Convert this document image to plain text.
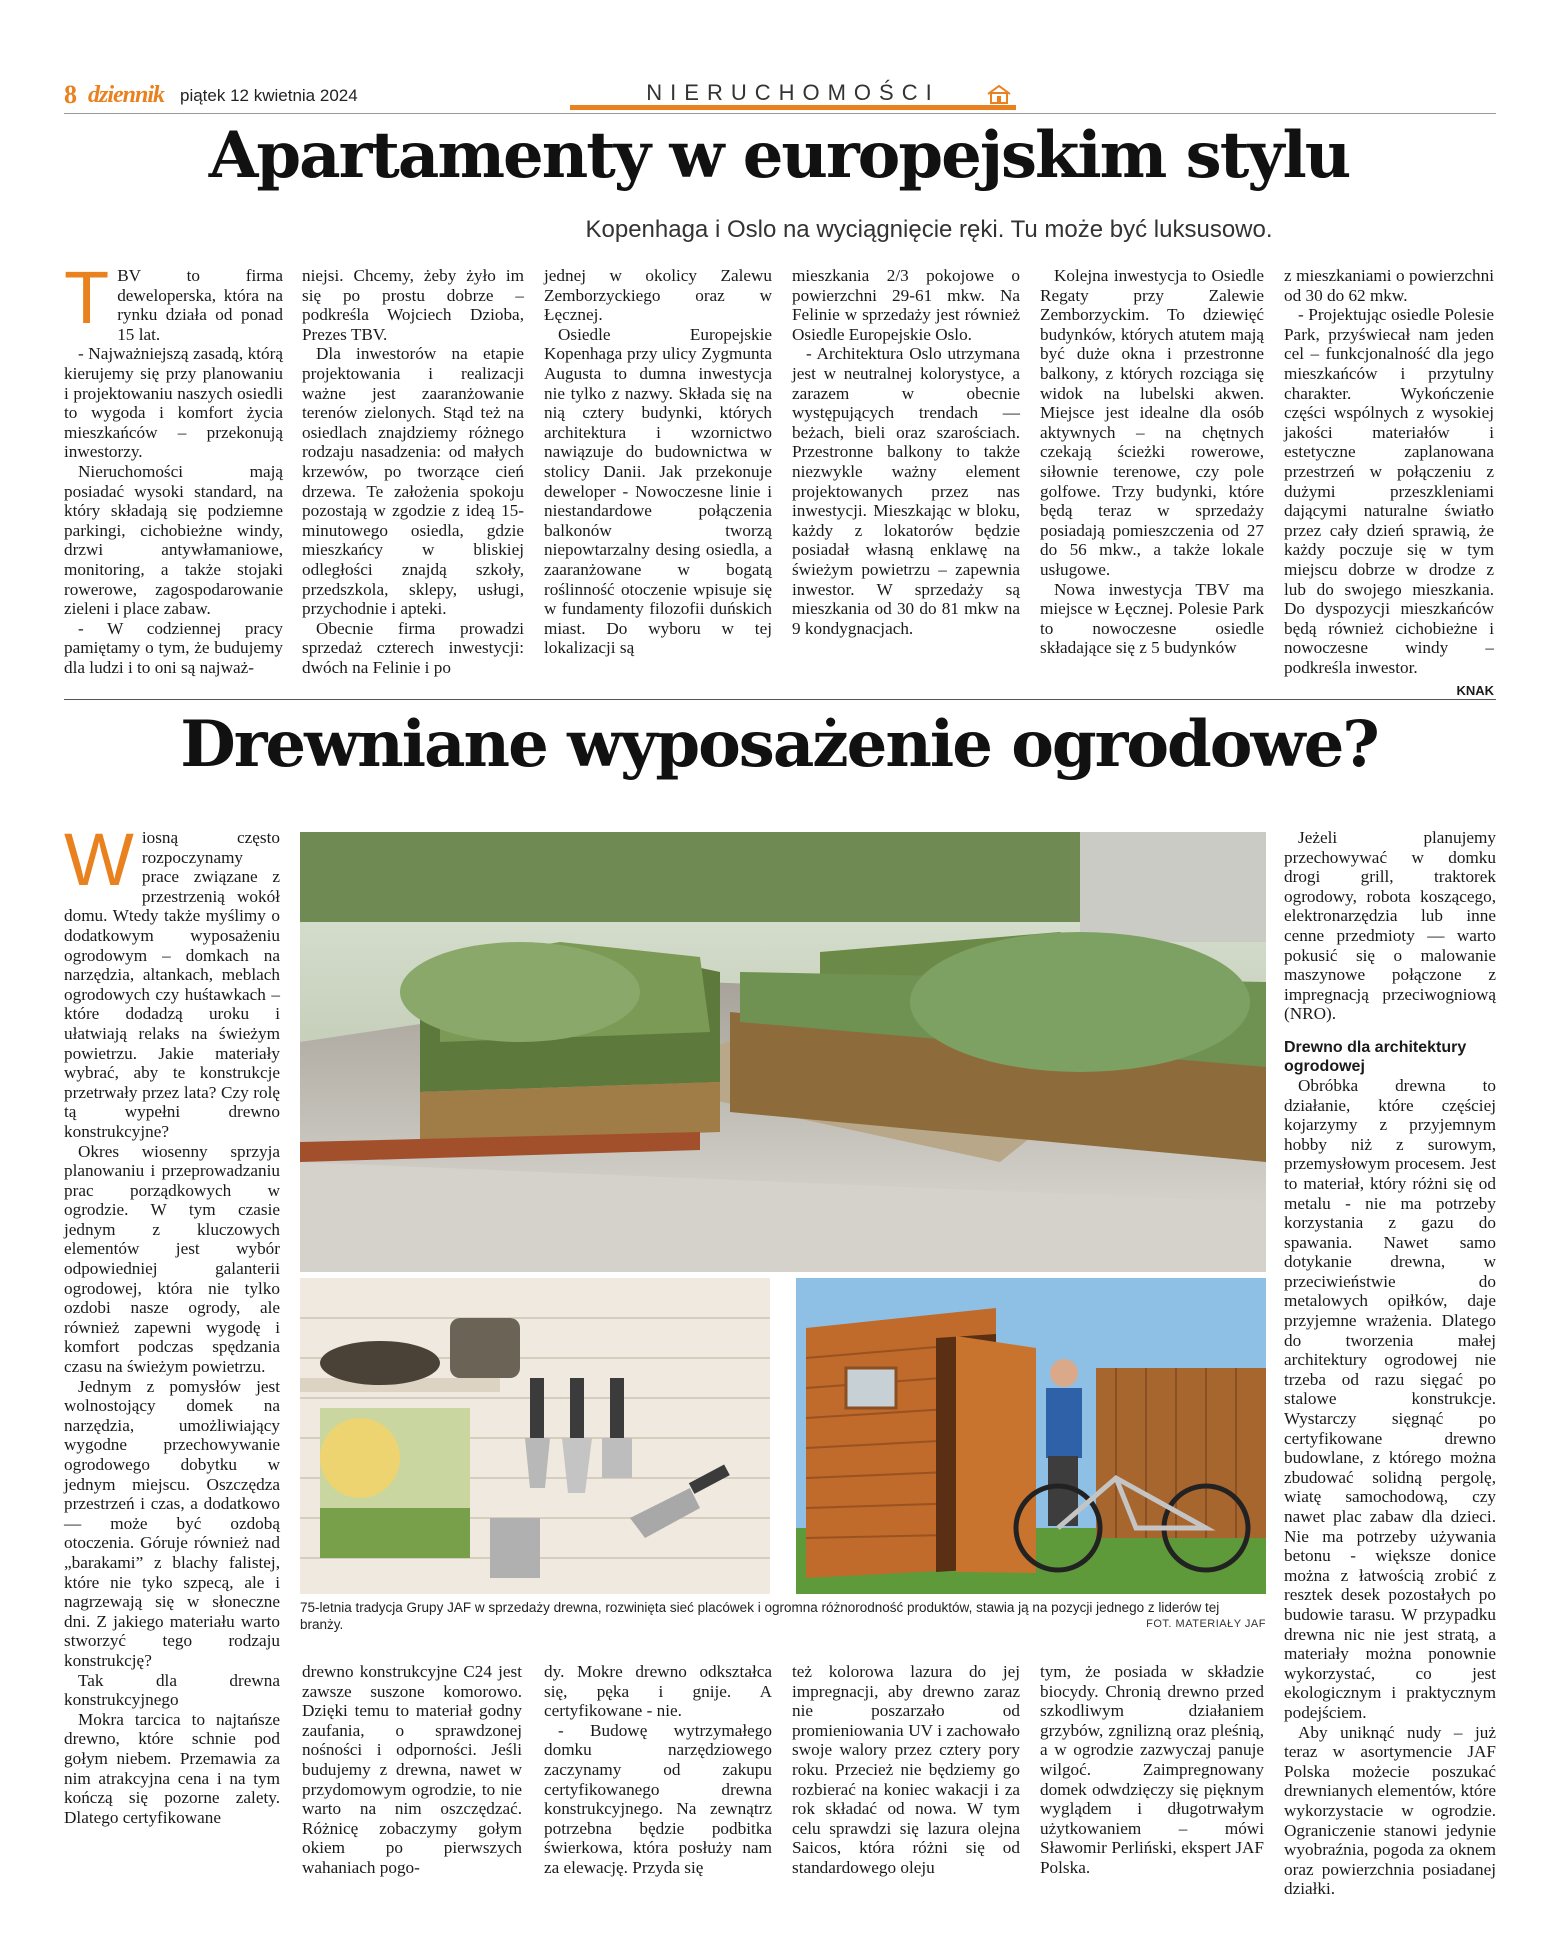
8 dziennik piątek 12 kwietnia 2024	NIERUCHOMOŚCI
Apartamenty w europejskim stylu
Kopenhaga i Oslo na wyciągnięcie ręki. Tu może być luksusowo.

TBV to firma deweloperska, która na rynku działa od ponad 15 lat.

- Najważniejszą zasadą, którą kierujemy się przy planowaniu i projektowaniu naszych osiedli to wygoda i komfort życia mieszkańców – przekonują inwestorzy.

Nieruchomości mają posiadać wysoki standard, na który składają się podziemne parkingi, cichobieżne windy, drzwi antywłamaniowe, monitoring, a także stojaki rowerowe, zagospodarowanie zieleni i place zabaw.

- W codziennej pracy pamiętamy o tym, że budujemy dla ludzi i to oni są najważ-

niejsi. Chcemy, żeby żyło im się po prostu dobrze – podkreśla Wojciech Dzioba, Prezes TBV.

Dla inwestorów na etapie projektowania i realizacji ważne jest zaaranżowanie terenów zielonych. Stąd też na osiedlach znajdziemy różnego rodzaju nasadzenia: od małych krzewów, po tworzące cień drzewa. Te założenia spokoju pozostają w zgodzie z ideą 15-minutowego osiedla, gdzie mieszkańcy w bliskiej odległości znajdą szkoły, przedszkola, sklepy, usługi, przychodnie i apteki.

Obecnie firma prowadzi sprzedaż czterech inwestycji: dwóch na Felinie i po

jednej w okolicy Zalewu Zemborzyckiego oraz w Łęcznej.

Osiedle Europejskie Kopenhaga przy ulicy Zygmunta Augusta to dumna inwestycja nie tylko z nazwy. Składa się na nią cztery budynki, których architektura i wzornictwo nawiązuje do budownictwa w stolicy Danii. Jak przekonuje deweloper - Nowoczesne linie i niestandardowe połączenia balkonów tworzą niepowtarzalny desing osiedla, a zaaranżowane w bogatą roślinność otoczenie wpisuje się w fundamenty filozofii duńskich miast. Do wyboru w tej lokalizacji są

mieszkania 2/3 pokojowe o powierzchni 29-61 mkw. Na Felinie w sprzedaży jest również Osiedle Europejskie Oslo.

- Architektura Oslo utrzymana jest w neutralnej kolorystyce, a zarazem w obecnie występujących trendach — beżach, bieli oraz szarościach. Przestronne balkony to także niezwykle ważny element projektowanych przez nas inwestycji. Mieszkając w bloku, każdy z lokatorów będzie posiadał własną enklawę na świeżym powietrzu – zapewnia inwestor. W sprzedaży są mieszkania od 30 do 81 mkw na 9 kondygnacjach.

Kolejna inwestycja to Osiedle Regaty przy Zalewie Zemborzyckim. To dziewięć budynków, których atutem mają być duże okna i przestronne balkony, z których rozciąga się widok na lubelski akwen. Miejsce jest idealne dla osób aktywnych – na chętnych czekają ścieżki rowerowe, siłownie terenowe, czy pole golfowe. Trzy budynki, które będą teraz w sprzedaży posiadają pomieszczenia od 27 do 56 mkw., a także lokale usługowe.

Nowa inwestycja TBV ma miejsce w Łęcznej. Polesie Park to nowoczesne osiedle składające się z 5 budynków

z mieszkaniami o powierzchni od 30 do 62 mkw.

- Projektując osiedle Polesie Park, przyświecał nam jeden cel – funkcjonalność dla jego mieszkańców i przytulny charakter. Wykończenie części wspólnych z wysokiej jakości materiałów i estetyczne zaplanowana przestrzeń w połączeniu z dużymi przeszkleniami dającymi naturalne światło przez cały dzień sprawią, że każdy poczuje się w tym miejscu dobrze w drodze z lub do swojego mieszkania. Do dyspozycji mieszkańców będą również cichobieżne i nowoczesne windy – podkreśla inwestor.

KNAK

Drewniane wyposażenie ogrodowe?

Wiosną często rozpoczynamy prace związane z przestrzenią wokół domu. Wtedy także myślimy o dodatkowym wyposażeniu ogrodowym – domkach na narzędzia, altankach, meblach ogrodowych czy huśtawkach – które dodadzą uroku i ułatwiają relaks na świeżym powietrzu. Jakie materiały wybrać, aby te konstrukcje przetrwały przez lata? Czy rolę tą wypełni drewno konstrukcyjne?

Okres wiosenny sprzyja planowaniu i przeprowadzaniu prac porządkowych w ogrodzie. W tym czasie jednym z kluczowych elementów jest wybór odpowiedniej galanterii ogrodowej, która nie tylko ozdobi nasze ogrody, ale również zapewni wygodę i komfort podczas spędzania czasu na świeżym powietrzu.

Jednym z pomysłów jest wolnostojący domek na narzędzia, umożliwiający wygodne przechowywanie ogrodowego dobytku w jednym miejscu. Oszczędza przestrzeń i czas, a dodatkowo — może być ozdobą otoczenia. Góruje również nad „barakami” z blachy falistej, które nie tyko szpecą, ale i nagrzewają się w słoneczne dni. Z jakiego materiału warto stworzyć tego rodzaju konstrukcję?

Tak dla drewna konstrukcyjnego

Mokra tarcica to najtańsze drewno, które schnie pod gołym niebem. Przemawia za nim atrakcyjna cena i na tym kończą się pozorne zalety. Dlatego certyfikowane

75-letnia tradycja Grupy JAF w sprzedaży drewna, rozwinięta sieć placówek i ogromna różnorodność produktów, stawia ją na pozycji jednego z liderów tej branży.	FOT. MATERIAŁY JAF

drewno konstrukcyjne C24 jest zawsze suszone komorowo. Dzięki temu to materiał godny zaufania, o sprawdzonej nośności i odporności. Jeśli budujemy z drewna, nawet w przydomowym ogrodzie, to nie warto na nim oszczędzać. Różnicę zobaczymy gołym okiem po pierwszych wahaniach pogo-

dy. Mokre drewno odkształca się, pęka i gnije. A certyfikowane - nie.

- Budowę wytrzymałego domku narzędziowego zaczynamy od zakupu certyfikowanego drewna konstrukcyjnego. Na zewnątrz potrzebna będzie podbitka świerkowa, która posłuży nam za elewację. Przyda się

też kolorowa lazura do jej impregnacji, aby drewno zaraz nie poszarzało od promieniowania UV i zachowało swoje walory przez cztery pory roku. Przecież nie będziemy go rozbierać na koniec wakacji i za rok składać od nowa. W tym celu sprawdzi się lazura olejna Saicos, która różni się od standardowego oleju

tym, że posiada w składzie biocydy. Chronią drewno przed szkodliwym działaniem grzybów, zgnilizną oraz pleśnią, a w ogrodzie zazwyczaj panuje wilgoć. Zaimpregnowany domek odwdzięczy się pięknym wyglądem i długotrwałym użytkowaniem – mówi Sławomir Perliński, ekspert JAF Polska.

Jeżeli planujemy przechowywać w domku drogi grill, traktorek ogrodowy, robota koszącego, elektronarzędzia lub inne cenne przedmioty — warto pokusić się o malowanie maszynowe połączone z impregnacją przeciwogniową (NRO).

Drewno dla architektury ogrodowej

Obróbka drewna to działanie, które częściej kojarzymy z przyjemnym hobby niż z surowym, przemysłowym procesem. Jest to materiał, który różni się od metalu - nie ma potrzeby korzystania z gazu do spawania. Nawet samo dotykanie drewna, w przeciwieństwie do metalowych opiłków, daje przyjemne wrażenia. Dlatego do tworzenia małej architektury ogrodowej nie trzeba od razu sięgać po stalowe konstrukcje. Wystarczy sięgnąć po certyfikowane drewno budowlane, z którego można zbudować solidną pergolę, wiatę samochodową, czy nawet plac zabaw dla dzieci. Nie ma potrzeby używania betonu - większe donice można z łatwością zrobić z resztek desek pozostałych po budowie tarasu. W przypadku drewna nic nie jest stratą, a materiały można ponownie wykorzystać, co jest ekologicznym i praktycznym podejściem.

Aby uniknąć nudy – już teraz w asortymencie JAF Polska możecie poszukać drewnianych elementów, które wykorzystacie w ogrodzie. Ograniczenie stanowi jedynie wyobraźnia, pogoda za oknem oraz powierzchnia posiadanej działki.
